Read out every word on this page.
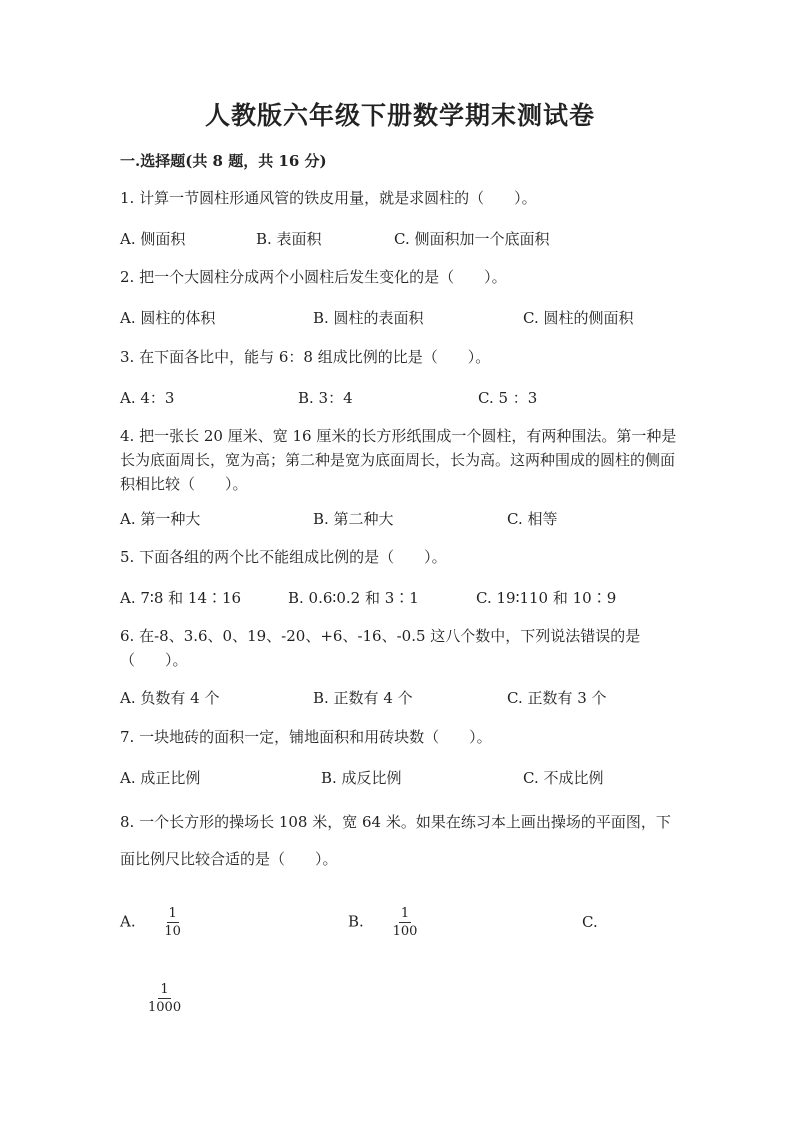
人教版六年级下册数学期末测试卷
一.选择题(共 8 题，共 16 分)
1. 计算一节圆柱形通风管的铁皮用量，就是求圆柱的（　　）。
A. 侧面积	B. 表面积	C. 侧面积加一个底面积
2. 把一个大圆柱分成两个小圆柱后发生变化的是（　　）。
A. 圆柱的体积	B. 圆柱的表面积	C. 圆柱的侧面积
3. 在下面各比中，能与 6：8 组成比例的比是（　　）。
A. 4：3	B. 3：4	C. 5 ：3
4. 把一张长 20 厘米、宽 16 厘米的长方形纸围成一个圆柱，有两种围法。第一种是长为底面周长，宽为高；第二种是宽为底面周长，长为高。这两种围成的圆柱的侧面积相比较（　　）。
A. 第一种大	B. 第二种大	C. 相等
5. 下面各组的两个比不能组成比例的是（　　）。
A. 7∶8 和 14∶16	B. 0.6∶0.2 和 3∶1	C. 19∶110 和 10∶9
6. 在-8、3.6、0、19、-20、+6、-16、-0.5 这八个数中，下列说法错误的是（　　）。
A. 负数有 4 个	B. 正数有 4 个	C. 正数有 3 个
7. 一块地砖的面积一定，铺地面积和用砖块数（　　）。
A. 成正比例	B. 成反比例	C. 不成比例
8. 一个长方形的操场长 108 米，宽 64 米。如果在练习本上画出操场的平面图，下面比例尺比较合适的是（　　）。
A. $\frac{1}{10}$	B. $\frac{1}{100}$	C.
$\frac{1}{1000}$
